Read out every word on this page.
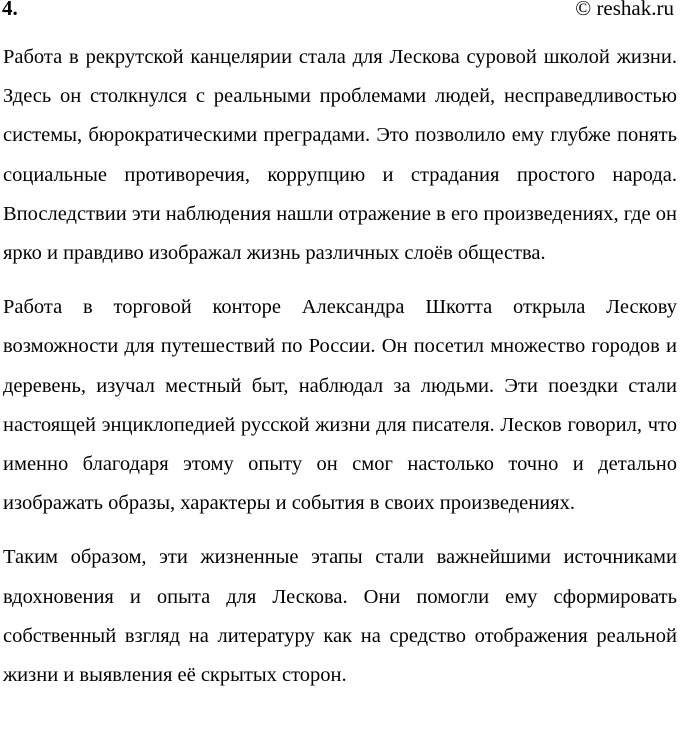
4.	© reshak.ru

Работа в рекрутской канцелярии стала для Лескова суровой школой жизни. Здесь он столкнулся с реальными проблемами людей, несправедливостью системы, бюрократическими преградами. Это позволило ему глубже понять социальные противоречия, коррупцию и страдания простого народа. Впоследствии эти наблюдения нашли отражение в его произведениях, где он ярко и правдиво изображал жизнь различных слоёв общества.

Работа в торговой конторе Александра Шкотта открыла Лескову возможности для путешествий по России. Он посетил множество городов и деревень, изучал местный быт, наблюдал за людьми. Эти поездки стали настоящей энциклопедией русской жизни для писателя. Лесков говорил, что именно благодаря этому опыту он смог настолько точно и детально изображать образы, характеры и события в своих произведениях.

Таким образом, эти жизненные этапы стали важнейшими источниками вдохновения и опыта для Лескова. Они помогли ему сформировать собственный взгляд на литературу как на средство отображения реальной жизни и выявления её скрытых сторон.
